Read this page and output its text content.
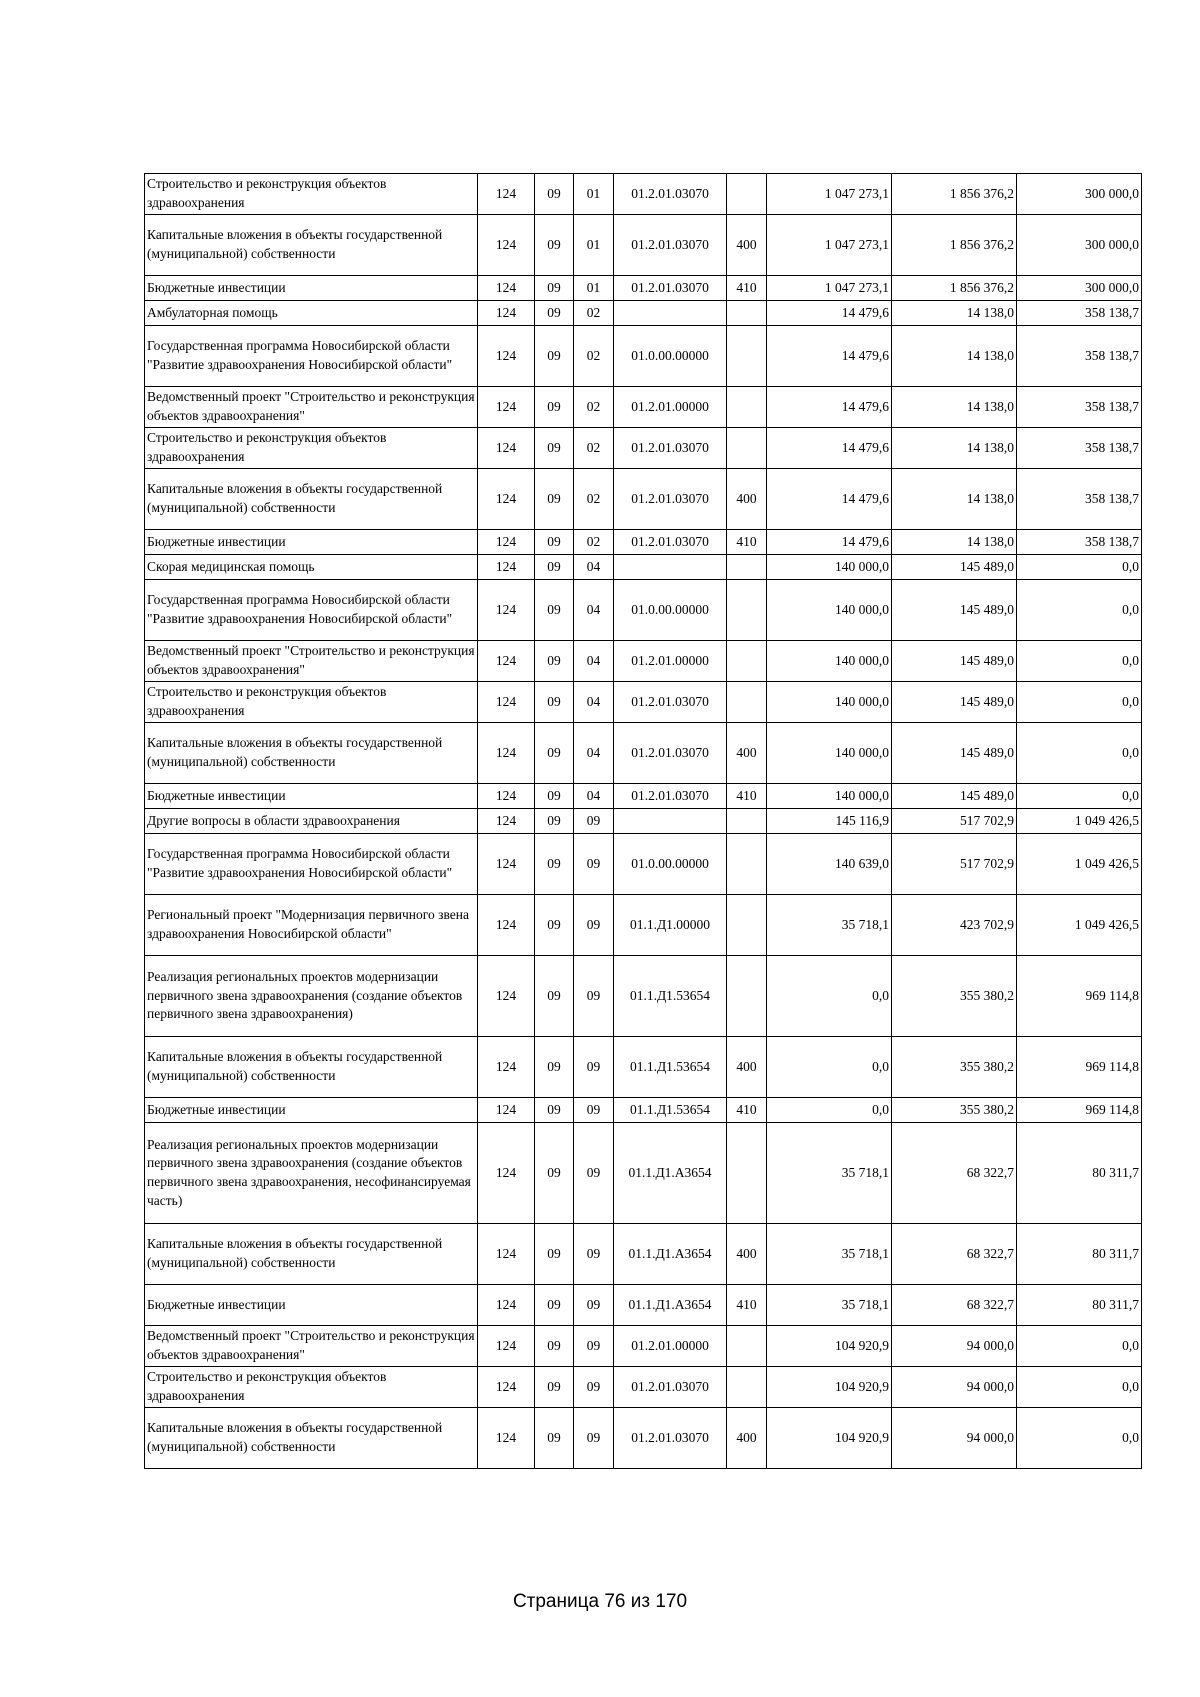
Строительство и реконструкция объектов здравоохранения	124	09	01	01.2.01.03070		1 047 273,1	1 856 376,2	300 000,0
Капитальные вложения в объекты государственной (муниципальной) собственности	124	09	01	01.2.01.03070	400	1 047 273,1	1 856 376,2	300 000,0
Бюджетные инвестиции	124	09	01	01.2.01.03070	410	1 047 273,1	1 856 376,2	300 000,0
Амбулаторная помощь	124	09	02			14 479,6	14 138,0	358 138,7
Государственная программа Новосибирской области "Развитие здравоохранения Новосибирской области"	124	09	02	01.0.00.00000		14 479,6	14 138,0	358 138,7
Ведомственный проект "Строительство и реконструкция объектов здравоохранения"	124	09	02	01.2.01.00000		14 479,6	14 138,0	358 138,7
Строительство и реконструкция объектов здравоохранения	124	09	02	01.2.01.03070		14 479,6	14 138,0	358 138,7
Капитальные вложения в объекты государственной (муниципальной) собственности	124	09	02	01.2.01.03070	400	14 479,6	14 138,0	358 138,7
Бюджетные инвестиции	124	09	02	01.2.01.03070	410	14 479,6	14 138,0	358 138,7
Скорая медицинская помощь	124	09	04			140 000,0	145 489,0	0,0
Государственная программа Новосибирской области "Развитие здравоохранения Новосибирской области"	124	09	04	01.0.00.00000		140 000,0	145 489,0	0,0
Ведомственный проект "Строительство и реконструкция объектов здравоохранения"	124	09	04	01.2.01.00000		140 000,0	145 489,0	0,0
Строительство и реконструкция объектов здравоохранения	124	09	04	01.2.01.03070		140 000,0	145 489,0	0,0
Капитальные вложения в объекты государственной (муниципальной) собственности	124	09	04	01.2.01.03070	400	140 000,0	145 489,0	0,0
Бюджетные инвестиции	124	09	04	01.2.01.03070	410	140 000,0	145 489,0	0,0
Другие вопросы в области здравоохранения	124	09	09			145 116,9	517 702,9	1 049 426,5
Государственная программа Новосибирской области "Развитие здравоохранения Новосибирской области"	124	09	09	01.0.00.00000		140 639,0	517 702,9	1 049 426,5
Региональный проект "Модернизация первичного звена здравоохранения Новосибирской области"	124	09	09	01.1.Д1.00000		35 718,1	423 702,9	1 049 426,5
Реализация региональных проектов модернизации первичного звена здравоохранения (создание объектов первичного звена здравоохранения)	124	09	09	01.1.Д1.53654		0,0	355 380,2	969 114,8
Капитальные вложения в объекты государственной (муниципальной) собственности	124	09	09	01.1.Д1.53654	400	0,0	355 380,2	969 114,8
Бюджетные инвестиции	124	09	09	01.1.Д1.53654	410	0,0	355 380,2	969 114,8
Реализация региональных проектов модернизации первичного звена здравоохранения (создание объектов первичного звена здравоохранения, несофинансируемая часть)	124	09	09	01.1.Д1.А3654		35 718,1	68 322,7	80 311,7
Капитальные вложения в объекты государственной (муниципальной) собственности	124	09	09	01.1.Д1.А3654	400	35 718,1	68 322,7	80 311,7
Бюджетные инвестиции	124	09	09	01.1.Д1.А3654	410	35 718,1	68 322,7	80 311,7
Ведомственный проект "Строительство и реконструкция объектов здравоохранения"	124	09	09	01.2.01.00000		104 920,9	94 000,0	0,0
Строительство и реконструкция объектов здравоохранения	124	09	09	01.2.01.03070		104 920,9	94 000,0	0,0
Капитальные вложения в объекты государственной (муниципальной) собственности	124	09	09	01.2.01.03070	400	104 920,9	94 000,0	0,0
Страница 76 из 170
